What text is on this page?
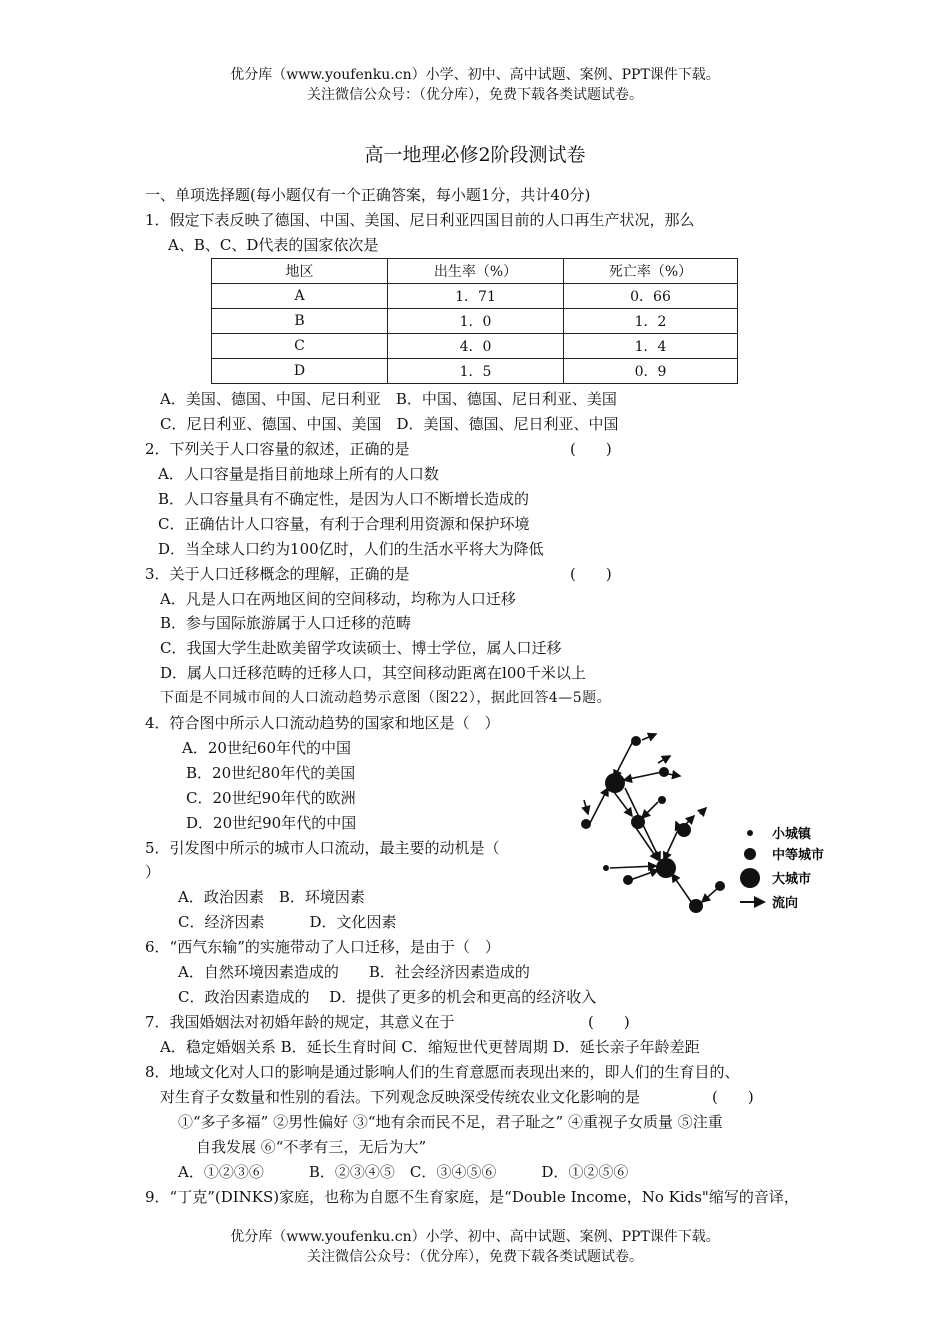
优分库（www.youfenku.cn）小学、初中、高中试题、案例、PPT课件下载。
关注微信公众号：（优分库），免费下载各类试题试卷。
高一地理必修2阶段测试卷
一、单项选择题(每小题仅有一个正确答案，每小题1分，共计40分)
1．假定下表反映了德国、中国、美国、尼日利亚四国目前的人口再生产状况，那么
A、B、C、D代表的国家依次是
地区	出生率（%）	死亡率（%）
A	1．71	0．66
B	1．0	1．2
C	4．0	1．4
D	1．5	0．9
A．美国、德国、中国、尼日利亚　B．中国、德国、尼日利亚、美国
C．尼日利亚、德国、中国、美国　D．美国、德国、尼日利亚、中国
2．下列关于人口容量的叙述，正确的是	(　　)
A．人口容量是指目前地球上所有的人口数
B．人口容量具有不确定性，是因为人口不断增长造成的
C．正确估计人口容量，有利于合理利用资源和保护环境
D．当全球人口约为100亿时，人们的生活水平将大为降低
3．关于人口迁移概念的理解，正确的是	(　　)
A．凡是人口在两地区间的空间移动，均称为人口迁移
B．参与国际旅游属于人口迁移的范畴
C．我国大学生赴欧美留学攻读硕士、博士学位，属人口迁移
D．属人口迁移范畴的迁移人口，其空间移动距离在l00千米以上
下面是不同城市间的人口流动趋势示意图（图22），据此回答4—5题。
4．符合图中所示人口流动趋势的国家和地区是（　）
A．20世纪60年代的中国
B．20世纪80年代的美国
C．20世纪90年代的欧洲
D．20世纪90年代的中国
5．引发图中所示的城市人口流动，最主要的动机是（
）
A．政治因素　B．环境因素
C．经济因素　　　D．文化因素
小城镇
中等城市
大城市
流向
6．“西气东输”的实施带动了人口迁移，是由于（　）
A．自然环境因素造成的　　B．社会经济因素造成的
C．政治因素造成的　 D．提供了更多的机会和更高的经济收入
7．我国婚姻法对初婚年龄的规定，其意义在于	(　　)
A．稳定婚姻关系 B．延长生育时间 C．缩短世代更替周期 D．延长亲子年龄差距
8．地域文化对人口的影响是通过影响人们的生育意愿而表现出来的，即人们的生育目的、
对生育子女数量和性别的看法。下列观念反映深受传统农业文化影响的是	(　　)
①“多子多福” ②男性偏好 ③“地有余而民不足，君子耻之” ④重视子女质量 ⑤注重
自我发展 ⑥“不孝有三，无后为大”
A．①②③⑥　　　B．②③④⑤　C．③④⑤⑥　　　D．①②⑤⑥
9．“丁克”(DINKS)家庭，也称为自愿不生育家庭，是“Double Income，No Kids"缩写的音译，
优分库（www.youfenku.cn）小学、初中、高中试题、案例、PPT课件下载。
关注微信公众号：（优分库），免费下载各类试题试卷。
